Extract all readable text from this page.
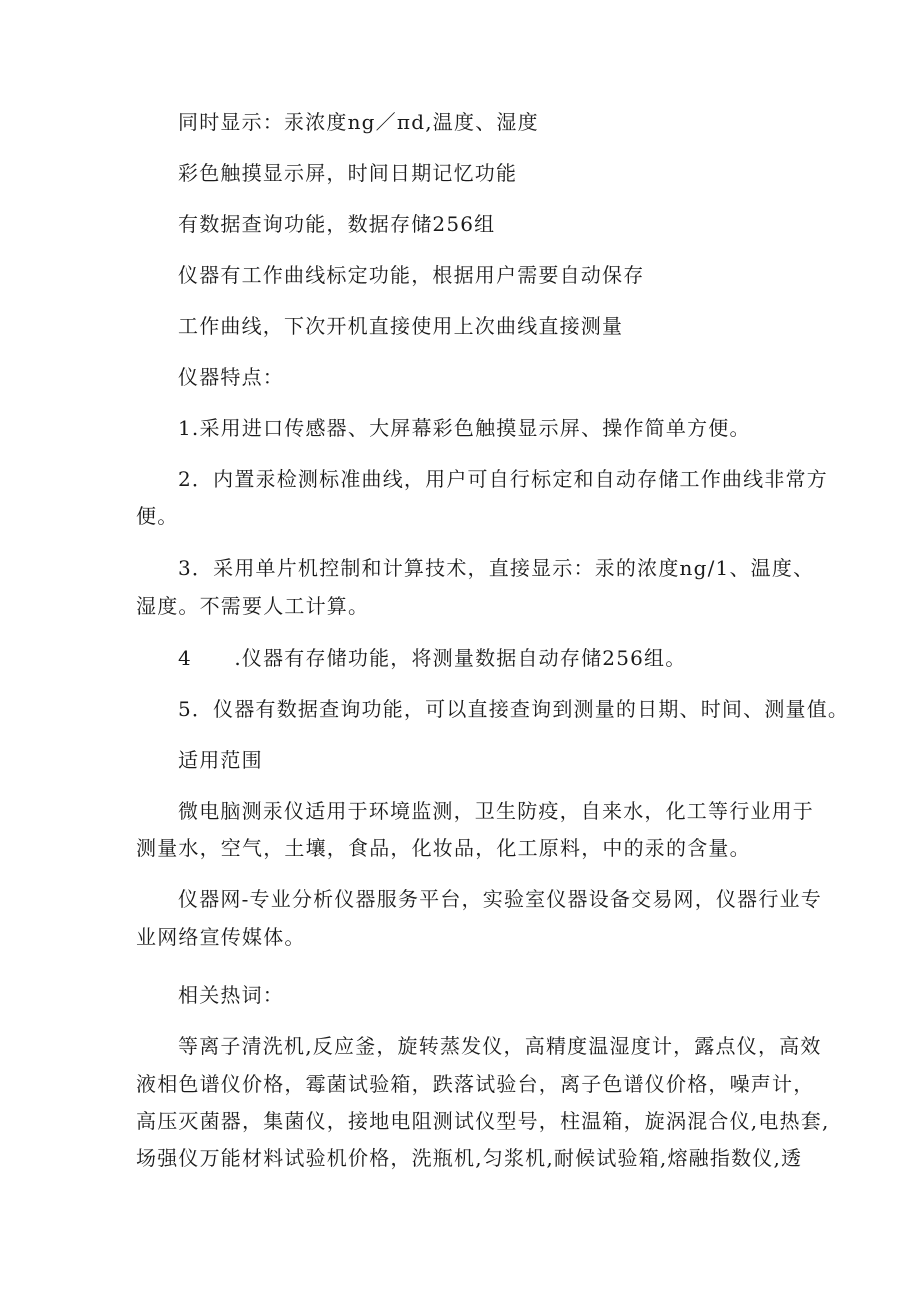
同时显示：汞浓度ng／πd,温度、湿度
彩色触摸显示屏，时间日期记忆功能
有数据查询功能，数据存储256组
仪器有工作曲线标定功能，根据用户需要自动保存
工作曲线，下次开机直接使用上次曲线直接测量
仪器特点：
1.采用进口传感器、大屏幕彩色触摸显示屏、操作简单方便。
2．内置汞检测标准曲线，用户可自行标定和自动存储工作曲线非常方
便。
3．采用单片机控制和计算技术，直接显示：汞的浓度ng/1、温度、
湿度。不需要人工计算。
4　　.仪器有存储功能，将测量数据自动存储256组。
5．仪器有数据查询功能，可以直接查询到测量的日期、时间、测量值。
适用范围
微电脑测汞仪适用于环境监测，卫生防疫，自来水，化工等行业用于
测量水，空气，土壤，食品，化妆品，化工原料，中的汞的含量。
仪器网-专业分析仪器服务平台，实验室仪器设备交易网，仪器行业专
业网络宣传媒体。
相关热词：
等离子清洗机,反应釜，旋转蒸发仪，高精度温湿度计，露点仪，高效
液相色谱仪价格，霉菌试验箱，跌落试验台，离子色谱仪价格，噪声计，
高压灭菌器，集菌仪，接地电阻测试仪型号，柱温箱，旋涡混合仪,电热套,
场强仪万能材料试验机价格，洗瓶机,匀浆机,耐候试验箱,熔融指数仪,透
